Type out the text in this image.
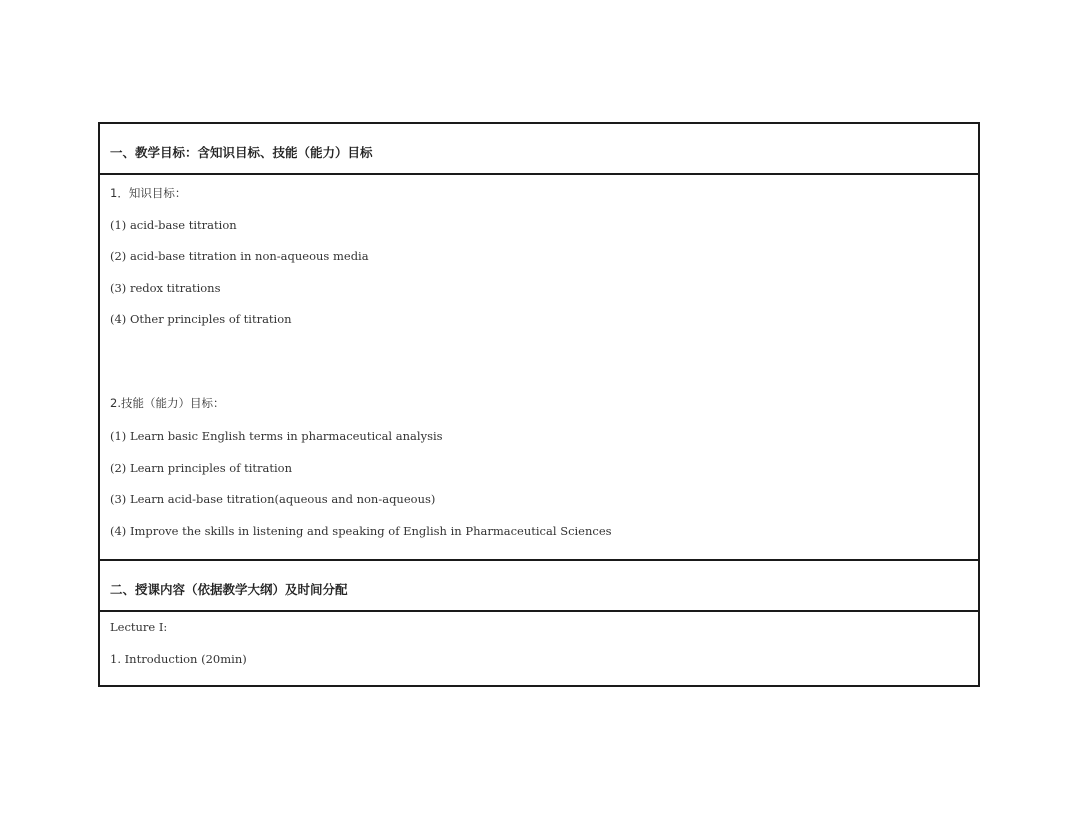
一、教学目标：含知识目标、技能（能力）目标
1．知识目标：
(1) acid-base titration
(2) acid-base titration in non-aqueous media
(3) redox titrations
(4) Other principles of titration
2.技能（能力）目标：
(1) Learn basic English terms in pharmaceutical analysis
(2) Learn principles of titration
(3) Learn acid-base titration(aqueous and non-aqueous)
(4) Improve the skills in listening and speaking of English in Pharmaceutical Sciences
二、授课内容（依据教学大纲）及时间分配
Lecture I:
1. Introduction (20min)
